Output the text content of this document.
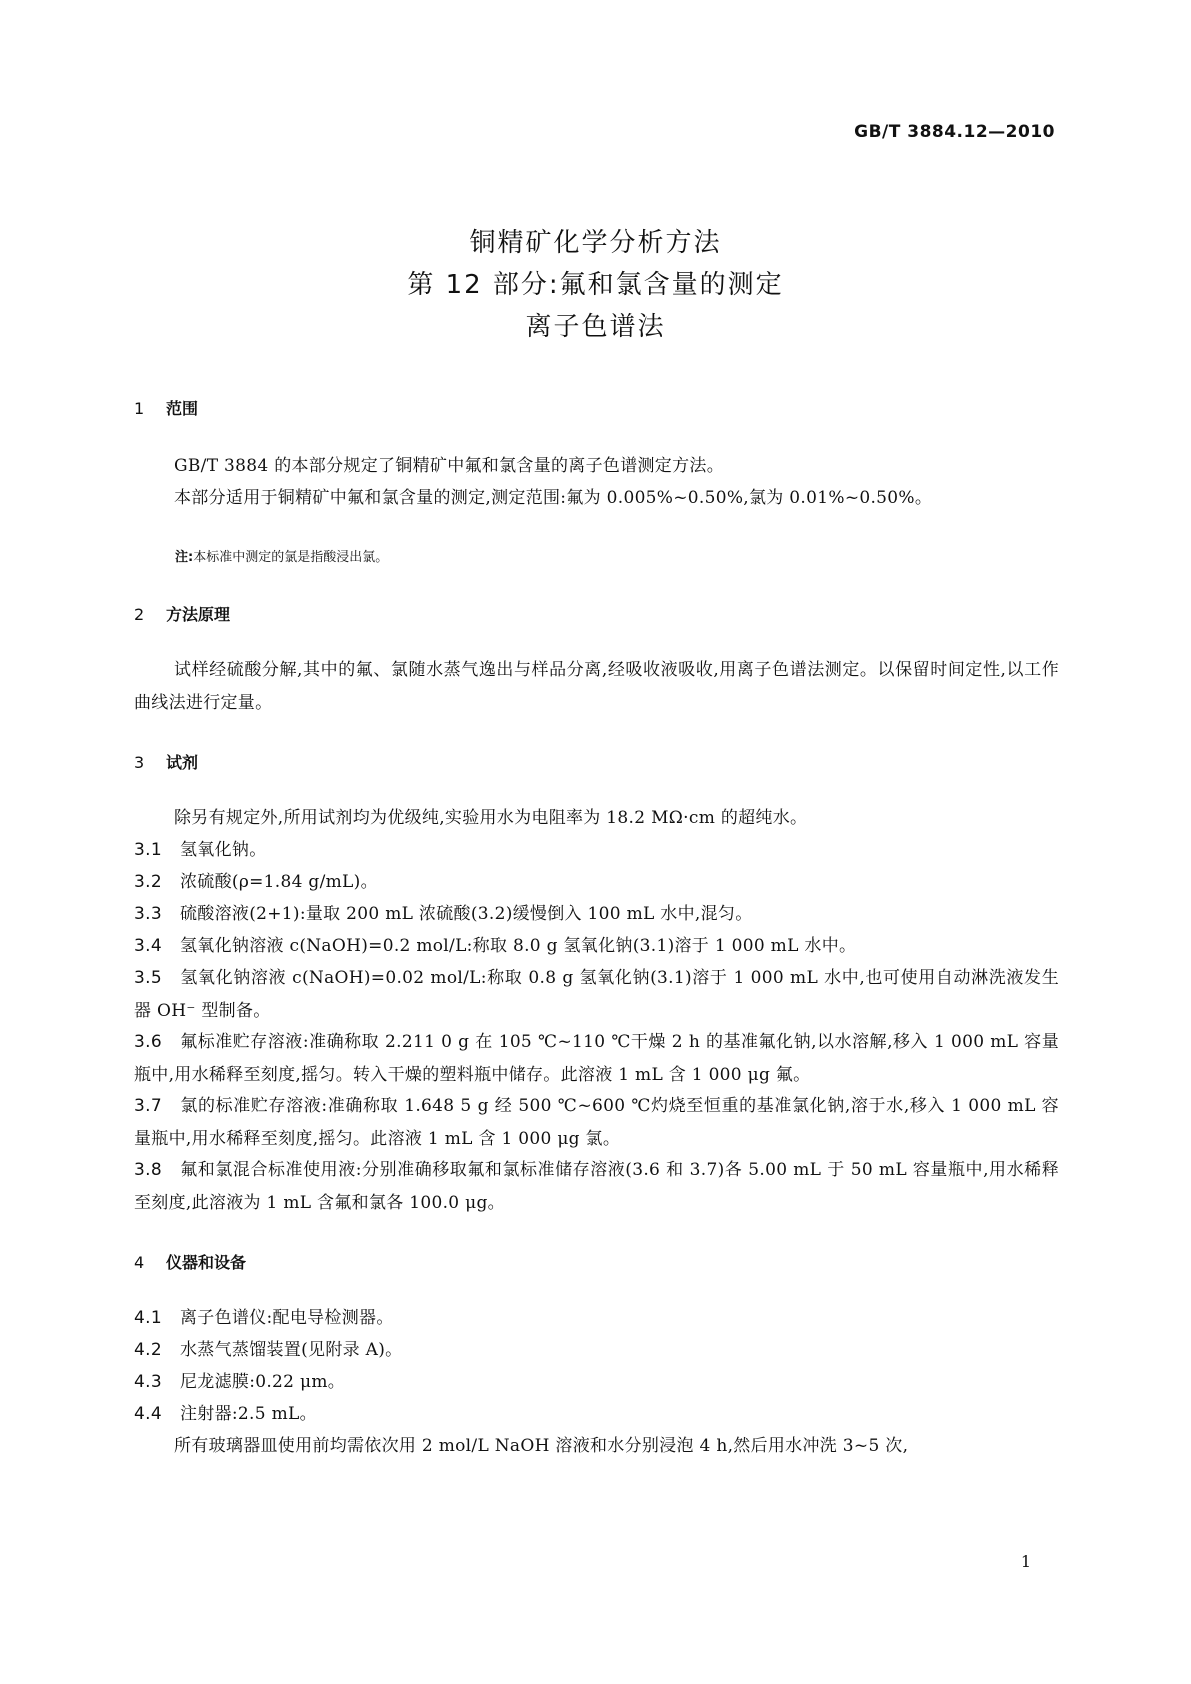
GB/T 3884.12—2010
铜精矿化学分析方法
第 12 部分:氟和氯含量的测定
离子色谱法
1 范围
GB/T 3884 的本部分规定了铜精矿中氟和氯含量的离子色谱测定方法。
本部分适用于铜精矿中氟和氯含量的测定,测定范围:氟为 0.005%~0.50%,氯为 0.01%~0.50%。
注:本标准中测定的氯是指酸浸出氯。
2 方法原理
试样经硫酸分解,其中的氟、氯随水蒸气逸出与样品分离,经吸收液吸收,用离子色谱法测定。以保留时间定性,以工作曲线法进行定量。
3 试剂
除另有规定外,所用试剂均为优级纯,实验用水为电阻率为 18.2 MΩ·cm 的超纯水。
3.1 氢氧化钠。
3.2 浓硫酸(ρ=1.84 g/mL)。
3.3 硫酸溶液(2+1):量取 200 mL 浓硫酸(3.2)缓慢倒入 100 mL 水中,混匀。
3.4 氢氧化钠溶液 c(NaOH)=0.2 mol/L:称取 8.0 g 氢氧化钠(3.1)溶于 1 000 mL 水中。
3.5 氢氧化钠溶液 c(NaOH)=0.02 mol/L:称取 0.8 g 氢氧化钠(3.1)溶于 1 000 mL 水中,也可使用自动淋洗液发生器 OH⁻ 型制备。
3.6 氟标准贮存溶液:准确称取 2.211 0 g 在 105 ℃~110 ℃干燥 2 h 的基准氟化钠,以水溶解,移入 1 000 mL 容量瓶中,用水稀释至刻度,摇匀。转入干燥的塑料瓶中储存。此溶液 1 mL 含 1 000 μg 氟。
3.7 氯的标准贮存溶液:准确称取 1.648 5 g 经 500 ℃~600 ℃灼烧至恒重的基准氯化钠,溶于水,移入 1 000 mL 容量瓶中,用水稀释至刻度,摇匀。此溶液 1 mL 含 1 000 μg 氯。
3.8 氟和氯混合标准使用液:分别准确移取氟和氯标准储存溶液(3.6 和 3.7)各 5.00 mL 于 50 mL 容量瓶中,用水稀释至刻度,此溶液为 1 mL 含氟和氯各 100.0 μg。
4 仪器和设备
4.1 离子色谱仪:配电导检测器。
4.2 水蒸气蒸馏装置(见附录 A)。
4.3 尼龙滤膜:0.22 μm。
4.4 注射器:2.5 mL。
所有玻璃器皿使用前均需依次用 2 mol/L NaOH 溶液和水分别浸泡 4 h,然后用水冲洗 3~5 次,
1
